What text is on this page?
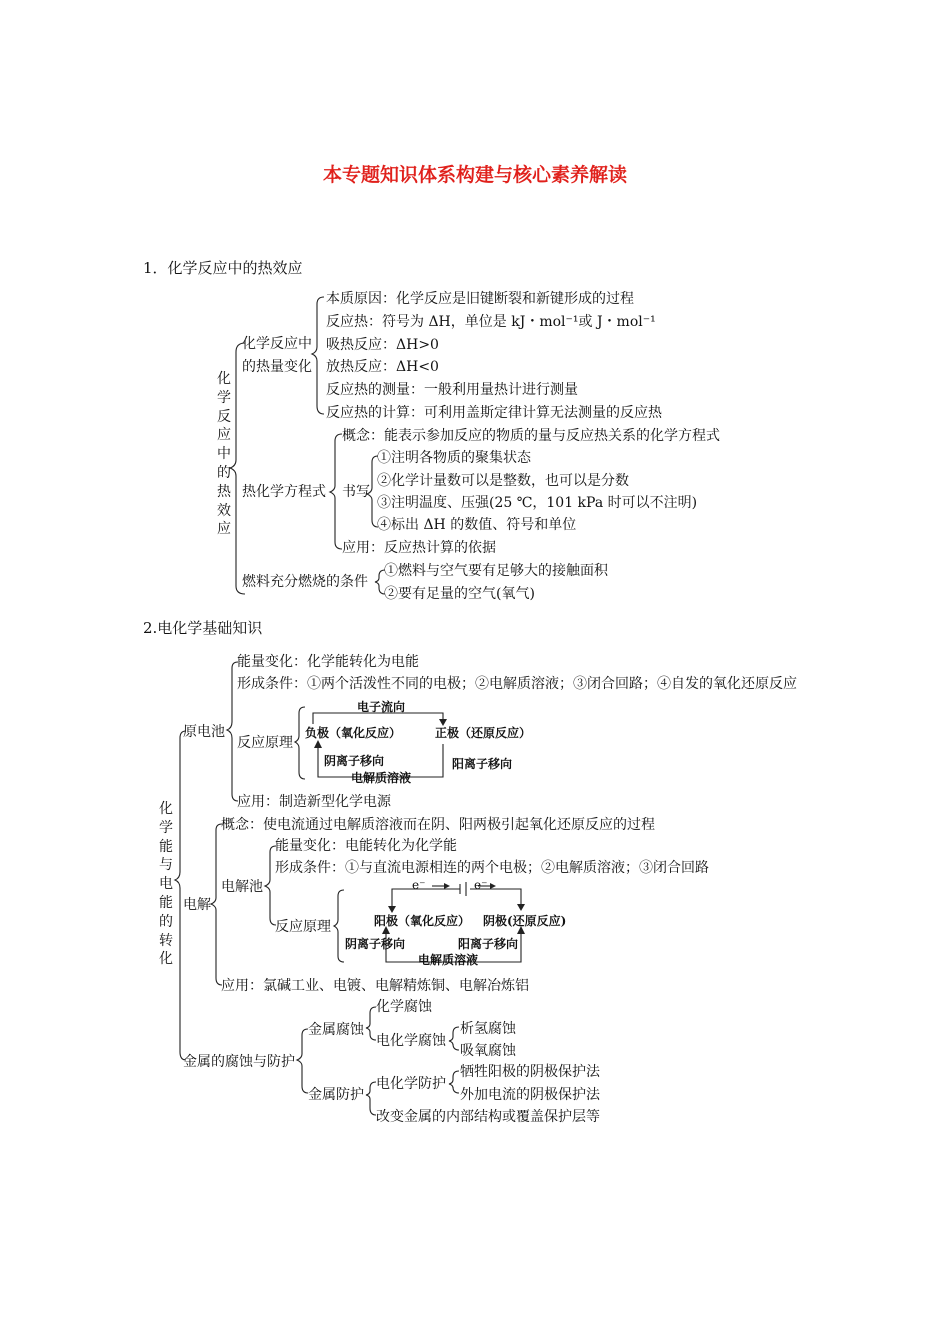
本专题知识体系构建与核心素养解读
1．化学反应中的热效应
化学反应中的热效应
化学反应中
的热量变化
本质原因：化学反应是旧键断裂和新键形成的过程
反应热：符号为 ΔH，单位是 kJ・mol⁻¹或 J・mol⁻¹
吸热反应：ΔH>0
放热反应：ΔH<0
反应热的测量：一般利用量热计进行测量
反应热的计算：可利用盖斯定律计算无法测量的反应热
热化学方程式
概念：能表示参加反应的物质的量与反应热关系的化学方程式
书写
①注明各物质的聚集状态
②化学计量数可以是整数，也可以是分数
③注明温度、压强(25 ℃，101 kPa 时可以不注明)
④标出 ΔH 的数值、符号和单位
应用：反应热计算的依据
燃料充分燃烧的条件
①燃料与空气要有足够大的接触面积
②要有足量的空气(氧气)
2.电化学基础知识
化学能与电能的转化
原电池
能量变化：化学能转化为电能
形成条件：①两个活泼性不同的电极；②电解质溶液；③闭合回路；④自发的氧化还原反应
反应原理
电子流向
负极（氧化反应）	正极（还原反应）
阴离子移向	阳离子移向
电解质溶液
应用：制造新型化学电源
电解
概念：使电流通过电解质溶液而在阴、阳两极引起氧化还原反应的过程
电解池
能量变化：电能转化为化学能
形成条件：①与直流电源相连的两个电极；②电解质溶液；③闭合回路
反应原理
e⁻	e⁻
阳极（氧化反应） 阴极(还原反应)
阴离子移向	阳离子移向
电解质溶液
应用：氯碱工业、电镀、电解精炼铜、电解冶炼铝
金属的腐蚀与防护
金属腐蚀
化学腐蚀
电化学腐蚀
析氢腐蚀
吸氧腐蚀
金属防护
电化学防护
牺牲阳极的阴极保护法
外加电流的阴极保护法
改变金属的内部结构或覆盖保护层等
